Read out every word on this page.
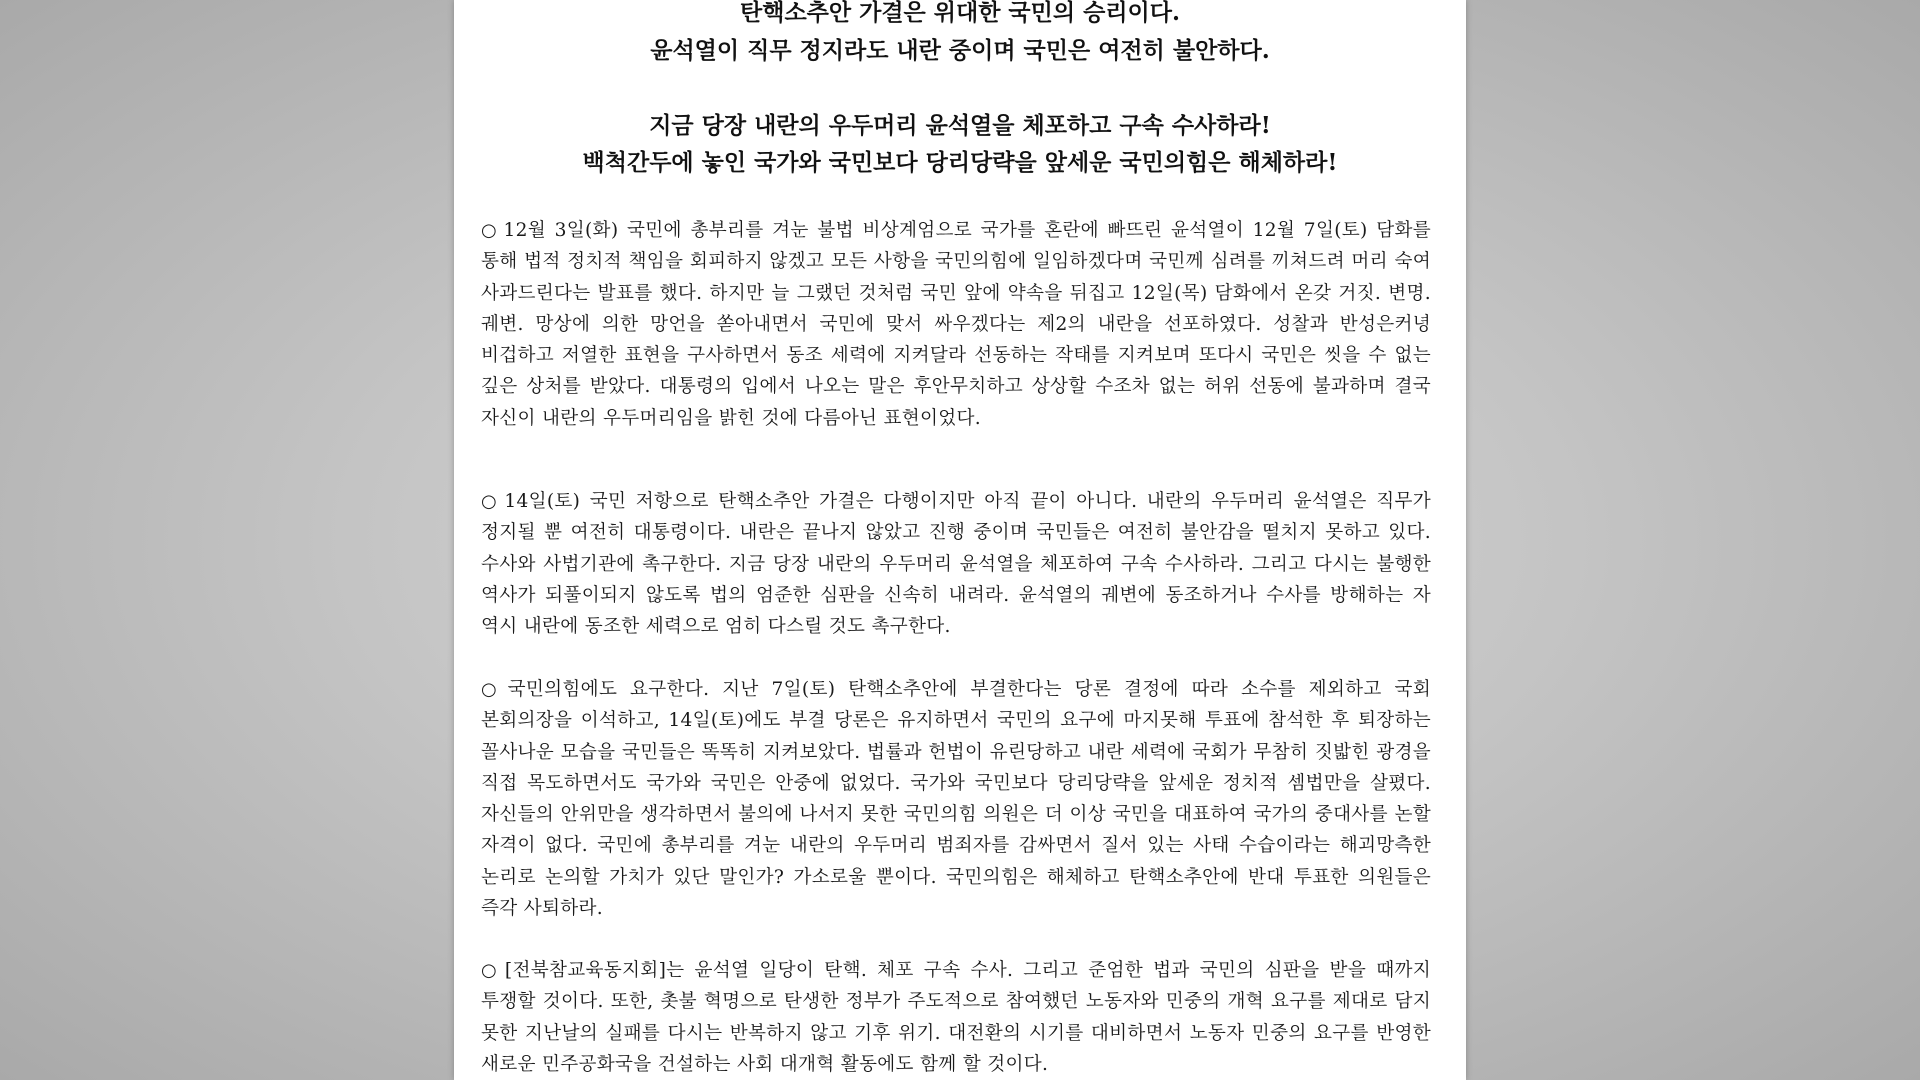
탄핵소추안 가결은 위대한 국민의 승리이다.
윤석열이 직무 정지라도 내란 중이며 국민은 여전히 불안하다.
지금 당장 내란의 우두머리 윤석열을 체포하고 구속 수사하라!
백척간두에 놓인 국가와 국민보다 당리당략을 앞세운 국민의힘은 해체하라!
○ 12월 3일(화) 국민에 총부리를 겨눈 불법 비상계엄으로 국가를 혼란에 빠뜨린 윤석열이 12월 7일(토) 담화를 통해 법적 정치적 책임을 회피하지 않겠고 모든 사항을 국민의힘에 일임하겠다며 국민께 심려를 끼쳐드려 머리 숙여 사과드린다는 발표를 했다. 하지만 늘 그랬던 것처럼 국민 앞에 약속을 뒤집고 12일(목) 담화에서 온갖 거짓. 변명. 궤변. 망상에 의한 망언을 쏟아내면서 국민에 맞서 싸우겠다는 제2의 내란을 선포하였다. 성찰과 반성은커녕 비겁하고 저열한 표현을 구사하면서 동조 세력에 지켜달라 선동하는 작태를 지켜보며 또다시 국민은 씻을 수 없는 깊은 상처를 받았다. 대통령의 입에서 나오는 말은 후안무치하고 상상할 수조차 없는 허위 선동에 불과하며 결국 자신이 내란의 우두머리임을 밝힌 것에 다름아닌 표현이었다.
○ 14일(토) 국민 저항으로 탄핵소추안 가결은 다행이지만 아직 끝이 아니다. 내란의 우두머리 윤석열은 직무가 정지될 뿐 여전히 대통령이다. 내란은 끝나지 않았고 진행 중이며 국민들은 여전히 불안감을 떨치지 못하고 있다. 수사와 사법기관에 촉구한다. 지금 당장 내란의 우두머리 윤석열을 체포하여 구속 수사하라. 그리고 다시는 불행한 역사가 되풀이되지 않도록 법의 엄준한 심판을 신속히 내려라. 윤석열의 궤변에 동조하거나 수사를 방해하는 자 역시 내란에 동조한 세력으로 엄히 다스릴 것도 촉구한다.
○ 국민의힘에도 요구한다. 지난 7일(토) 탄핵소추안에 부결한다는 당론 결정에 따라 소수를 제외하고 국회 본회의장을 이석하고, 14일(토)에도 부결 당론은 유지하면서 국민의 요구에 마지못해 투표에 참석한 후 퇴장하는 꼴사나운 모습을 국민들은 똑똑히 지켜보았다. 법률과 헌법이 유린당하고 내란 세력에 국회가 무참히 짓밟힌 광경을 직접 목도하면서도 국가와 국민은 안중에 없었다. 국가와 국민보다 당리당략을 앞세운 정치적 셈법만을 살폈다. 자신들의 안위만을 생각하면서 불의에 나서지 못한 국민의힘 의원은 더 이상 국민을 대표하여 국가의 중대사를 논할 자격이 없다. 국민에 총부리를 겨눈 내란의 우두머리 범죄자를 감싸면서 질서 있는 사태 수습이라는 해괴망측한 논리로 논의할 가치가 있단 말인가? 가소로울 뿐이다. 국민의힘은 해체하고 탄핵소추안에 반대 투표한 의원들은 즉각 사퇴하라.
○ [전북참교육동지회]는 윤석열 일당이 탄핵. 체포 구속 수사. 그리고 준엄한 법과 국민의 심판을 받을 때까지 투쟁할 것이다. 또한, 촛불 혁명으로 탄생한 정부가 주도적으로 참여했던 노동자와 민중의 개혁 요구를 제대로 담지 못한 지난날의 실패를 다시는 반복하지 않고 기후 위기. 대전환의 시기를 대비하면서 노동자 민중의 요구를 반영한 새로운 민주공화국을 건설하는 사회 대개혁 활동에도 함께 할 것이다.
